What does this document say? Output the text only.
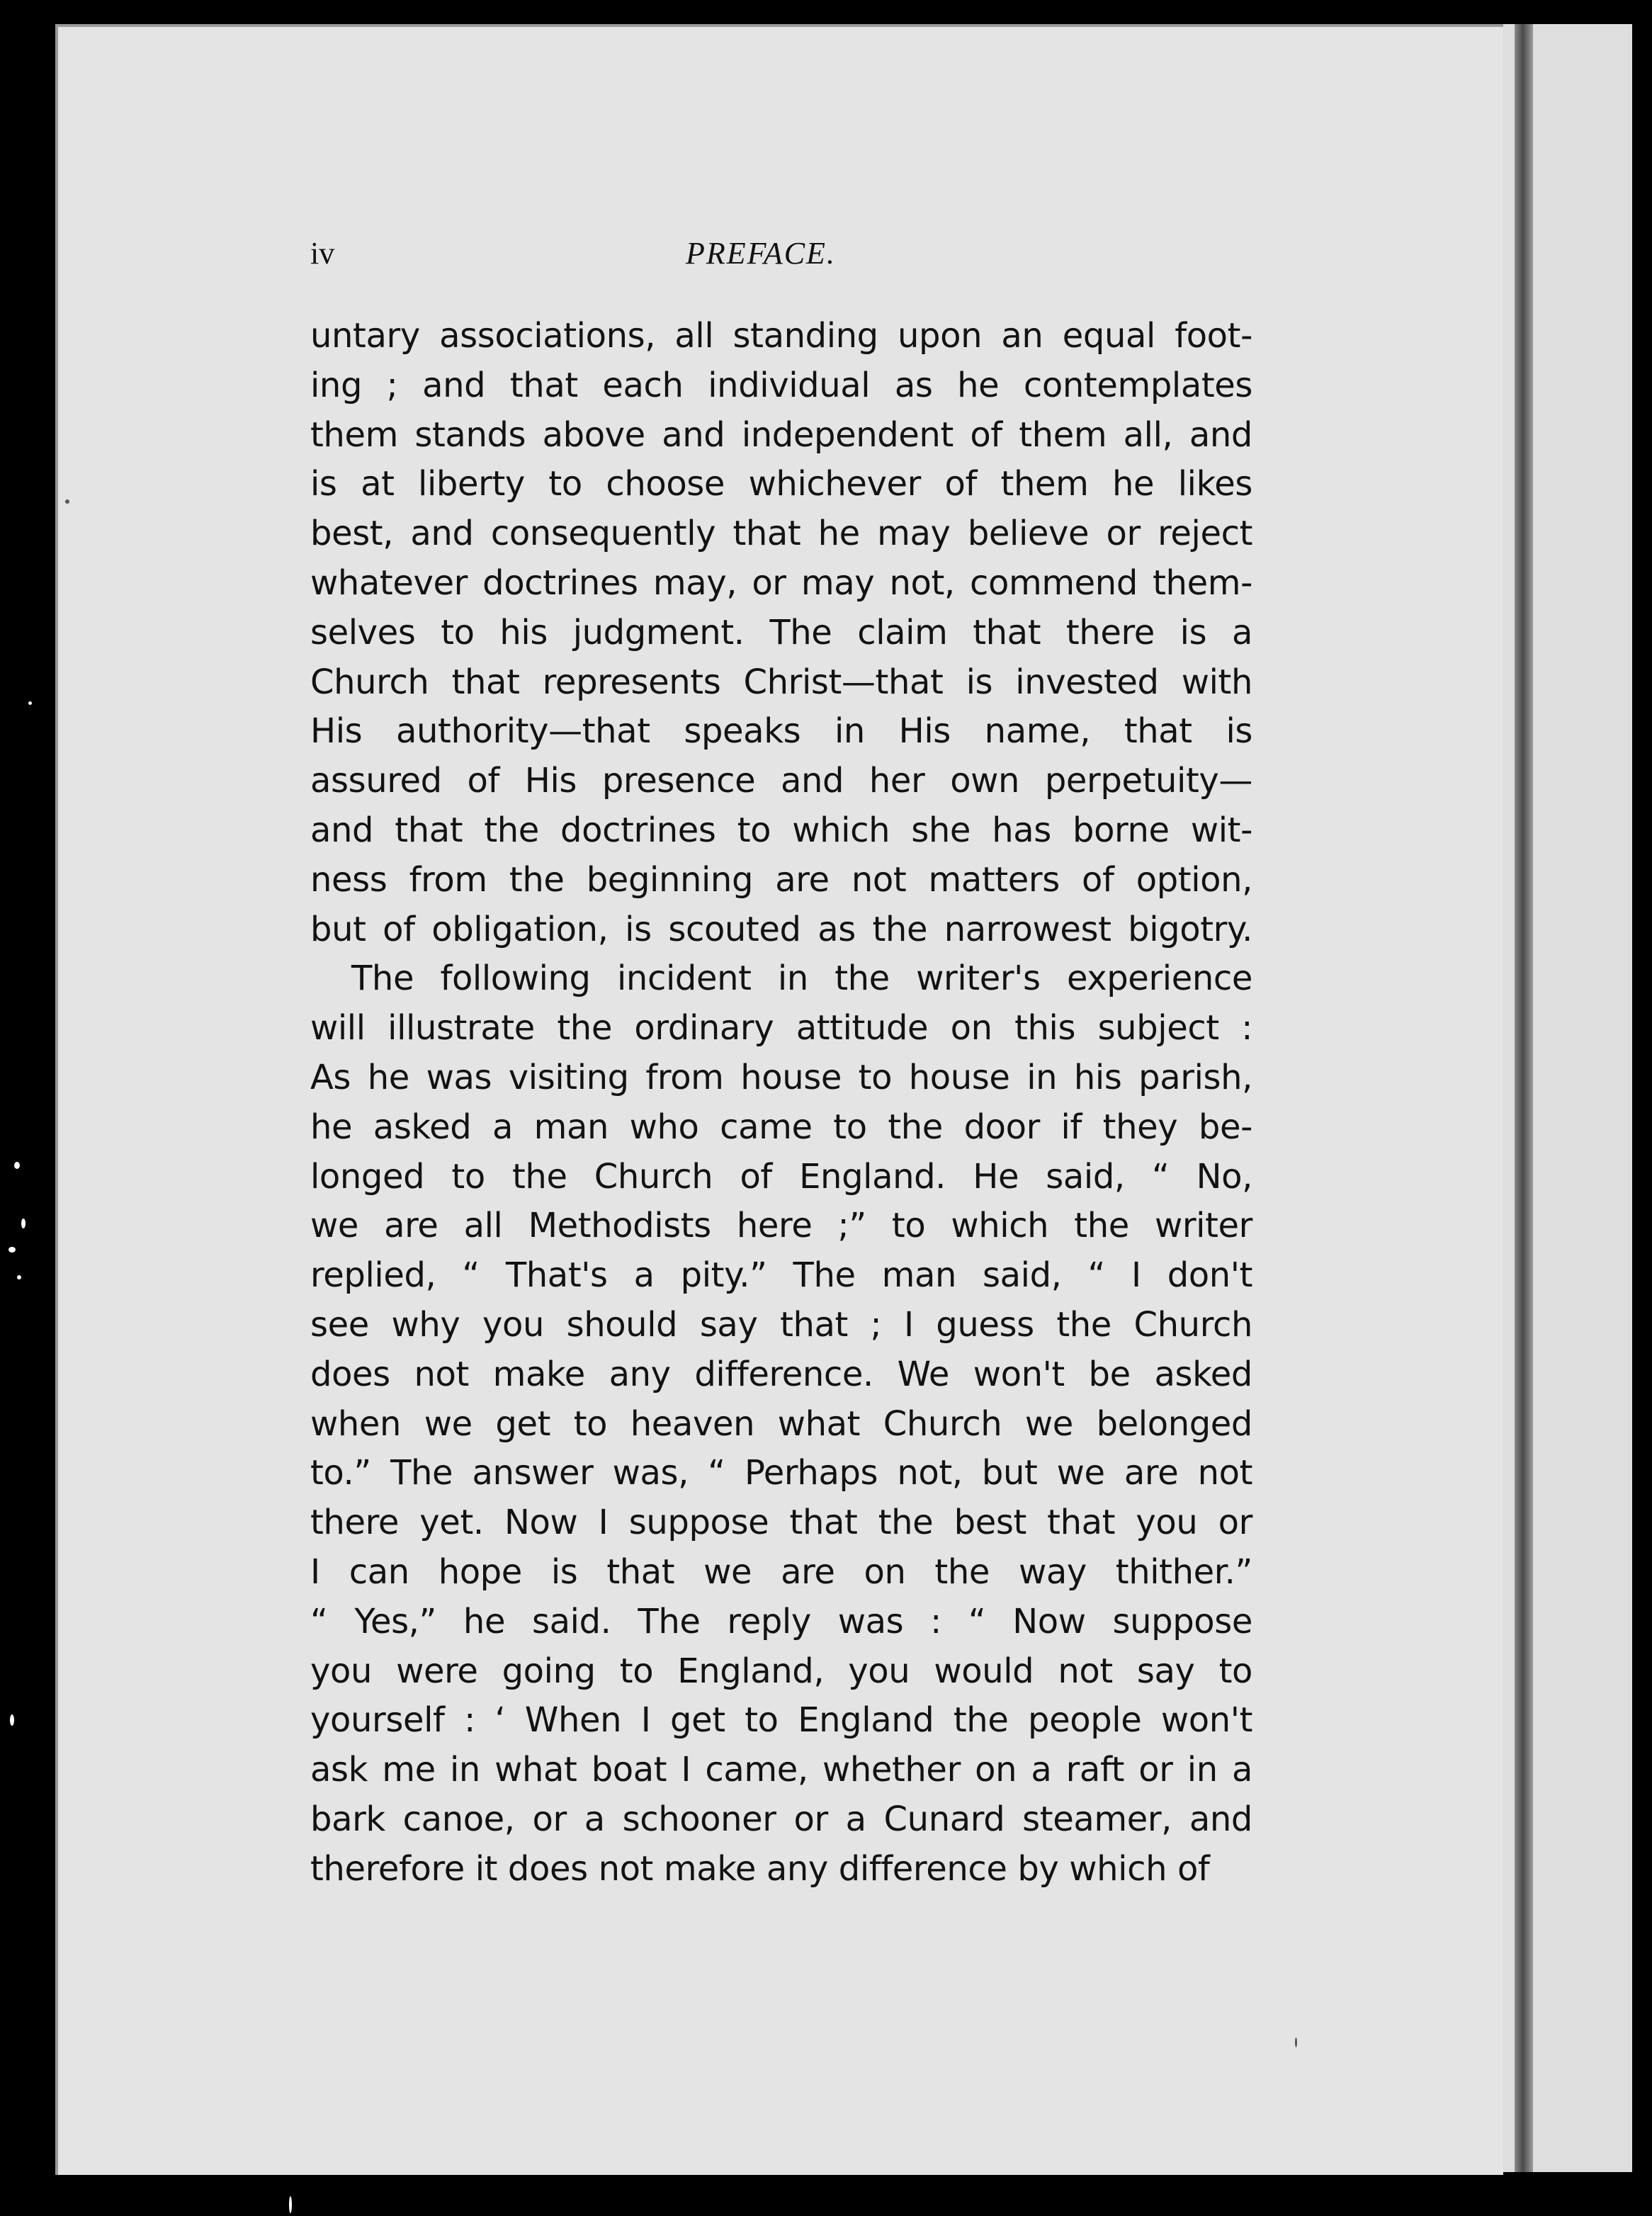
iv	PREFACE.
untary associations, all standing upon an equal foot-
ing ; and that each individual as he contemplates
them stands above and independent of them all, and
is at liberty to choose whichever of them he likes
best, and consequently that he may believe or reject
whatever doctrines may, or may not, commend them-
selves to his judgment. The claim that there is a
Church that represents Christ—that is invested with
His authority—that speaks in His name, that is
assured of His presence and her own perpetuity—
and that the doctrines to which she has borne wit-
ness from the beginning are not matters of option,
but of obligation, is scouted as the narrowest bigotry.
The following incident in the writer's experience
will illustrate the ordinary attitude on this subject :
As he was visiting from house to house in his parish,
he asked a man who came to the door if they be-
longed to the Church of England. He said, “ No,
we are all Methodists here ;” to which the writer
replied, “ That's a pity.” The man said, “ I don't
see why you should say that ; I guess the Church
does not make any difference. We won't be asked
when we get to heaven what Church we belonged
to.” The answer was, “ Perhaps not, but we are not
there yet. Now I suppose that the best that you or
I can hope is that we are on the way thither.”
“ Yes,” he said. The reply was : “ Now suppose
you were going to England, you would not say to
yourself : ‘ When I get to England the people won't
ask me in what boat I came, whether on a raft or in a
bark canoe, or a schooner or a Cunard steamer, and
therefore it does not make any difference by which of
